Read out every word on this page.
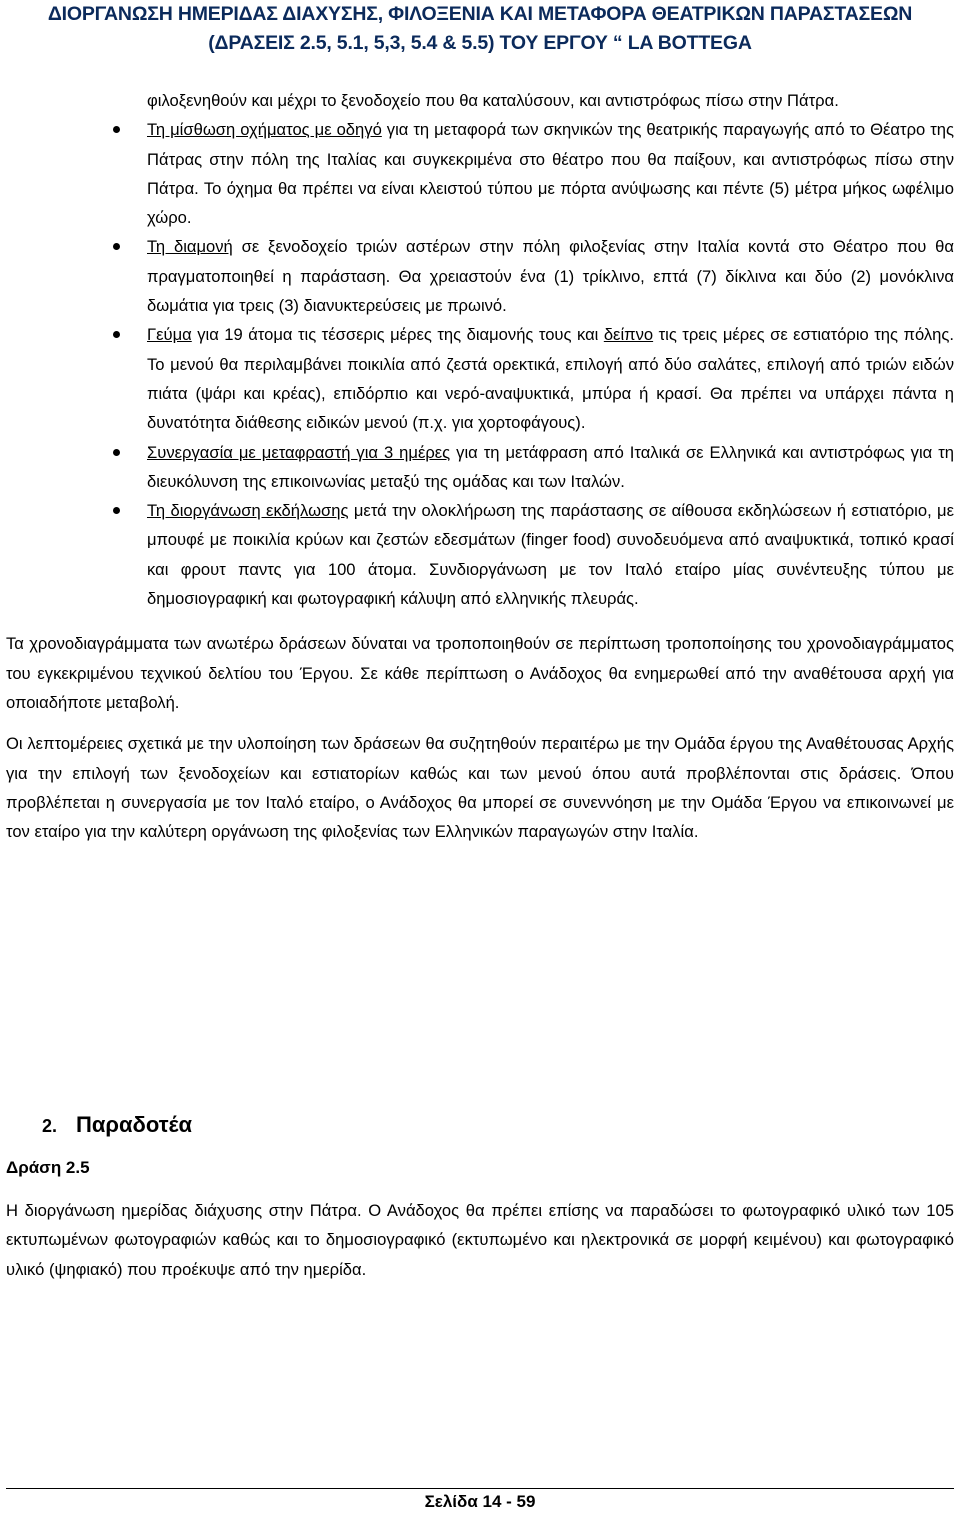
ΔΙΟΡΓΑΝΩΣΗ ΗΜΕΡΙΔΑΣ ΔΙΑΧΥΣΗΣ, ΦΙΛΟΞΕΝΙΑ ΚΑΙ ΜΕΤΑΦΟΡΑ ΘΕΑΤΡΙΚΩΝ ΠΑΡΑΣΤΑΣΕΩΝ
(ΔΡΑΣΕΙΣ 2.5, 5.1, 5,3, 5.4 & 5.5) ΤΟΥ ΕΡΓΟΥ “ LA BOTTEGA

φιλοξενηθούν και μέχρι το ξενοδοχείο που θα καταλύσουν, και αντιστρόφως πίσω στην Πάτρα.

Τη μίσθωση οχήματος με οδηγό για τη μεταφορά των σκηνικών της θεατρικής παραγωγής από το Θέατρο της Πάτρας στην πόλη της Ιταλίας και συγκεκριμένα στο θέατρο που θα παίξουν, και αντιστρόφως πίσω στην Πάτρα. Το όχημα θα πρέπει να είναι κλειστού τύπου με πόρτα ανύψωσης και πέντε (5) μέτρα μήκος ωφέλιμο χώρο.
Τη διαμονή σε ξενοδοχείο τριών αστέρων στην πόλη φιλοξενίας στην Ιταλία κοντά στο Θέατρο που θα πραγματοποιηθεί η παράσταση. Θα χρειαστούν ένα (1) τρίκλινο, επτά (7) δίκλινα και δύο (2) μονόκλινα δωμάτια για τρεις (3) διανυκτερεύσεις με πρωινό.
Γεύμα για 19 άτομα τις τέσσερις μέρες της διαμονής τους και δείπνο τις τρεις μέρες σε εστιατόριο της πόλης. Το μενού θα περιλαμβάνει ποικιλία από ζεστά ορεκτικά, επιλογή από δύο σαλάτες, επιλογή από τριών ειδών πιάτα (ψάρι και κρέας), επιδόρπιο και νερό-αναψυκτικά, μπύρα ή κρασί. Θα πρέπει να υπάρχει πάντα η δυνατότητα διάθεσης ειδικών μενού (π.χ. για χορτοφάγους).
Συνεργασία με μεταφραστή για 3 ημέρες για τη μετάφραση από Ιταλικά σε Ελληνικά και αντιστρόφως για τη διευκόλυνση της επικοινωνίας μεταξύ της ομάδας και των Ιταλών.
Τη διοργάνωση εκδήλωσης μετά την ολοκλήρωση της παράστασης σε αίθουσα εκδηλώσεων ή εστιατόριο, με μπουφέ με ποικιλία κρύων και ζεστών εδεσμάτων (finger food) συνοδευόμενα από αναψυκτικά, τοπικό κρασί και φρουτ παντς για 100 άτομα. Συνδιοργάνωση με τον Ιταλό εταίρο μίας συνέντευξης τύπου με δημοσιογραφική και φωτογραφική κάλυψη από ελληνικής πλευράς.

Τα χρονοδιαγράμματα των ανωτέρω δράσεων δύναται να τροποποιηθούν σε περίπτωση τροποποίησης του χρονοδιαγράμματος του εγκεκριμένου τεχνικού δελτίου του Έργου. Σε κάθε περίπτωση ο Ανάδοχος θα ενημερωθεί από την αναθέτουσα αρχή για οποιαδήποτε μεταβολή.

Οι λεπτομέρειες σχετικά με την υλοποίηση των δράσεων θα συζητηθούν περαιτέρω με την Ομάδα έργου της Αναθέτουσας Αρχής για την επιλογή των ξενοδοχείων και εστιατορίων καθώς και των μενού όπου αυτά προβλέπονται στις δράσεις. Όπου προβλέπεται η συνεργασία με τον Ιταλό εταίρο, ο Ανάδοχος θα μπορεί σε συνεννόηση με την Ομάδα Έργου να επικοινωνεί με τον εταίρο για την καλύτερη οργάνωση της φιλοξενίας των Ελληνικών παραγωγών στην Ιταλία.

2. Παραδοτέα
Δράση 2.5

Η διοργάνωση ημερίδας διάχυσης στην Πάτρα. Ο Ανάδοχος θα πρέπει επίσης να παραδώσει το φωτογραφικό υλικό των 105 εκτυπωμένων φωτογραφιών καθώς και το δημοσιογραφικό (εκτυπωμένο και ηλεκτρονικά σε μορφή κειμένου) και φωτογραφικό υλικό (ψηφιακό) που προέκυψε από την ημερίδα.

Σελίδα 14 - 59
